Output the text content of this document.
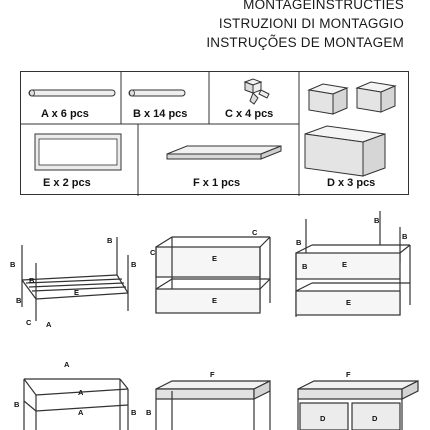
MONTAGEINSTRUCTIES
ISTRUZIONI DI MONTAGGIO
INSTRUÇÕES DE MONTAGEM
A x 6 pcs	B x 14 pcs	C x 4 pcs
D x 3 pcs
E x 2 pcs	F x 1 pcs
B
B
B
B
B
E
C A
C
C
E
E
B
B
B
B	E
E
A
A
A
B
B
F
B
F
D	D
